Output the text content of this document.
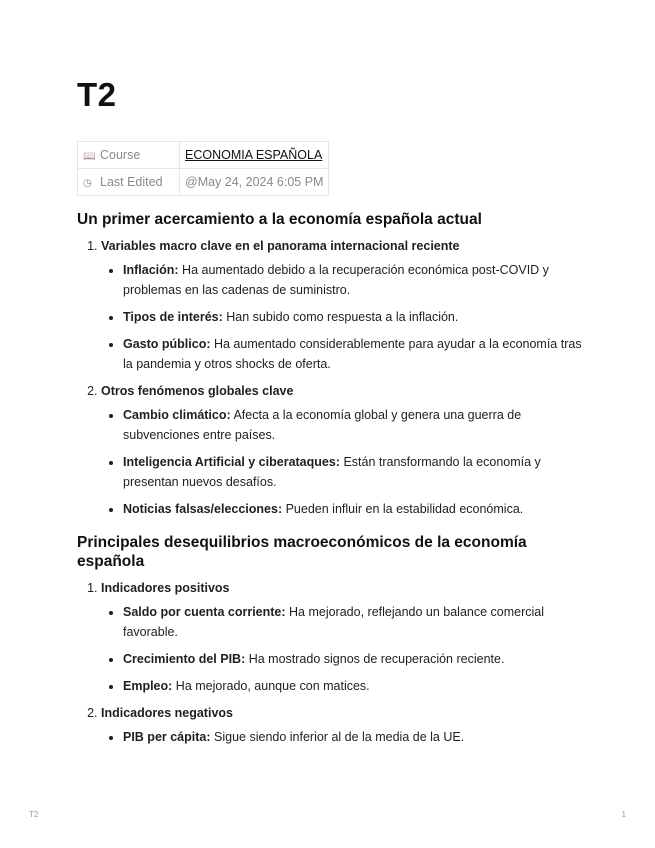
T2
📖 Course	ECONOMIA ESPAÑOLA
◷ Last Edited	@May 24, 2024 6:05 PM
Un primer acercamiento a la economía española actual
1. Variables macro clave en el panorama internacional reciente
• Inflación: Ha aumentado debido a la recuperación económica post-COVID y problemas en las cadenas de suministro.
• Tipos de interés: Han subido como respuesta a la inflación.
• Gasto público: Ha aumentado considerablemente para ayudar a la economía tras la pandemia y otros shocks de oferta.
2. Otros fenómenos globales clave
• Cambio climático: Afecta a la economía global y genera una guerra de subvenciones entre países.
• Inteligencia Artificial y ciberataques: Están transformando la economía y presentan nuevos desafíos.
• Noticias falsas/elecciones: Pueden influir en la estabilidad económica.
Principales desequilibrios macroeconómicos de la economía española
1. Indicadores positivos
• Saldo por cuenta corriente: Ha mejorado, reflejando un balance comercial favorable.
• Crecimiento del PIB: Ha mostrado signos de recuperación reciente.
• Empleo: Ha mejorado, aunque con matices.
2. Indicadores negativos
• PIB per cápita: Sigue siendo inferior al de la media de la UE.
T2	1
